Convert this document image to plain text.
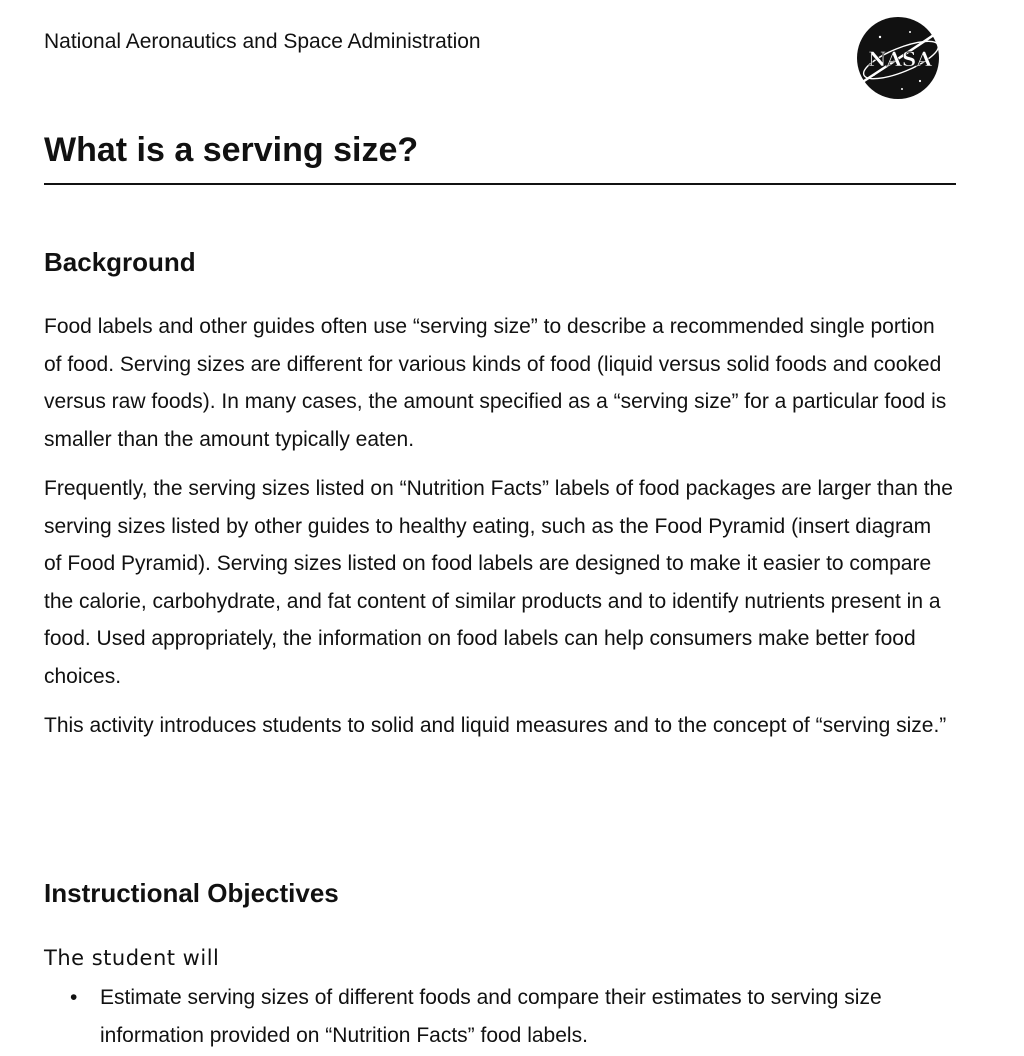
National Aeronautics and Space Administration
NASA
What is a serving size?
Background

Food labels and other guides often use “serving size” to describe a recommended single portion of food. Serving sizes are different for various kinds of food (liquid versus solid foods and cooked versus raw foods). In many cases, the amount specified as a “serving size” for a particular food is smaller than the amount typically eaten.

Frequently, the serving sizes listed on “Nutrition Facts” labels of food packages are larger than the serving sizes listed by other guides to healthy eating, such as the Food Pyramid (insert diagram of Food Pyramid). Serving sizes listed on food labels are designed to make it easier to compare the calorie, carbohydrate, and fat content of similar products and to identify nutrients present in a food. Used appropriately, the information on food labels can help consumers make better food choices.

This activity introduces students to solid and liquid measures and to the concept of “serving size.”

Instructional Objectives

The student will

• Estimate serving sizes of different foods and compare their estimates to serving size information provided on “Nutrition Facts” food labels.
